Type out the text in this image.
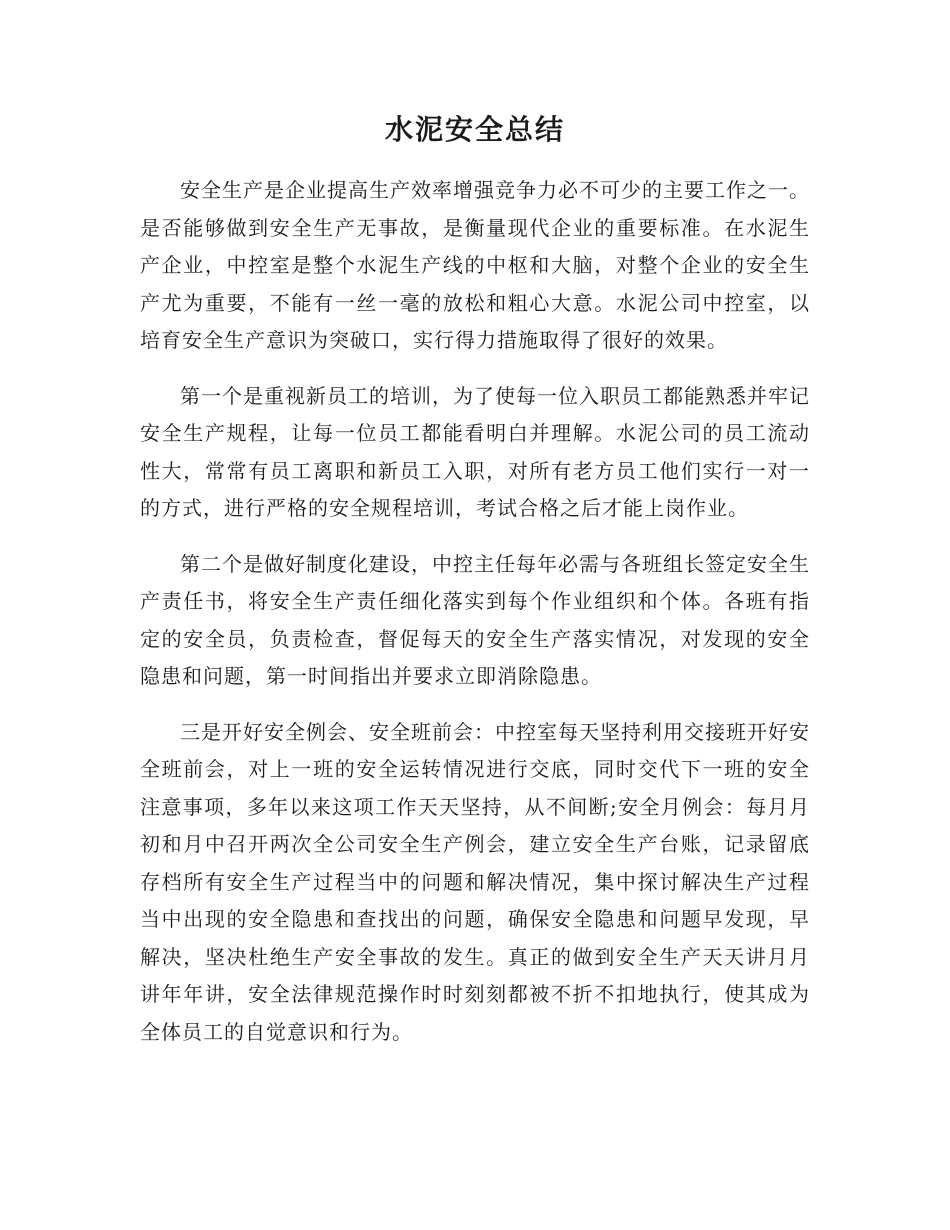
水泥安全总结

安全生产是企业提高生产效率增强竞争力必不可少的主要工作之一。是否能够做到安全生产无事故，是衡量现代企业的重要标准。在水泥生产企业，中控室是整个水泥生产线的中枢和大脑，对整个企业的安全生产尤为重要，不能有一丝一毫的放松和粗心大意。水泥公司中控室，以培育安全生产意识为突破口，实行得力措施取得了很好的效果。

第一个是重视新员工的培训，为了使每一位入职员工都能熟悉并牢记安全生产规程，让每一位员工都能看明白并理解。水泥公司的员工流动性大，常常有员工离职和新员工入职，对所有老方员工他们实行一对一的方式，进行严格的安全规程培训，考试合格之后才能上岗作业。

第二个是做好制度化建设，中控主任每年必需与各班组长签定安全生产责任书，将安全生产责任细化落实到每个作业组织和个体。各班有指定的安全员，负责检查，督促每天的安全生产落实情况，对发现的安全隐患和问题，第一时间指出并要求立即消除隐患。

三是开好安全例会、安全班前会：中控室每天坚持利用交接班开好安全班前会，对上一班的安全运转情况进行交底，同时交代下一班的安全注意事项，多年以来这项工作天天坚持，从不间断;安全月例会：每月月初和月中召开两次全公司安全生产例会，建立安全生产台账，记录留底存档所有安全生产过程当中的问题和解决情况，集中探讨解决生产过程当中出现的安全隐患和查找出的问题，确保安全隐患和问题早发现，早解决，坚决杜绝生产安全事故的发生。真正的做到安全生产天天讲月月讲年年讲，安全法律规范操作时时刻刻都被不折不扣地执行，使其成为全体员工的自觉意识和行为。
